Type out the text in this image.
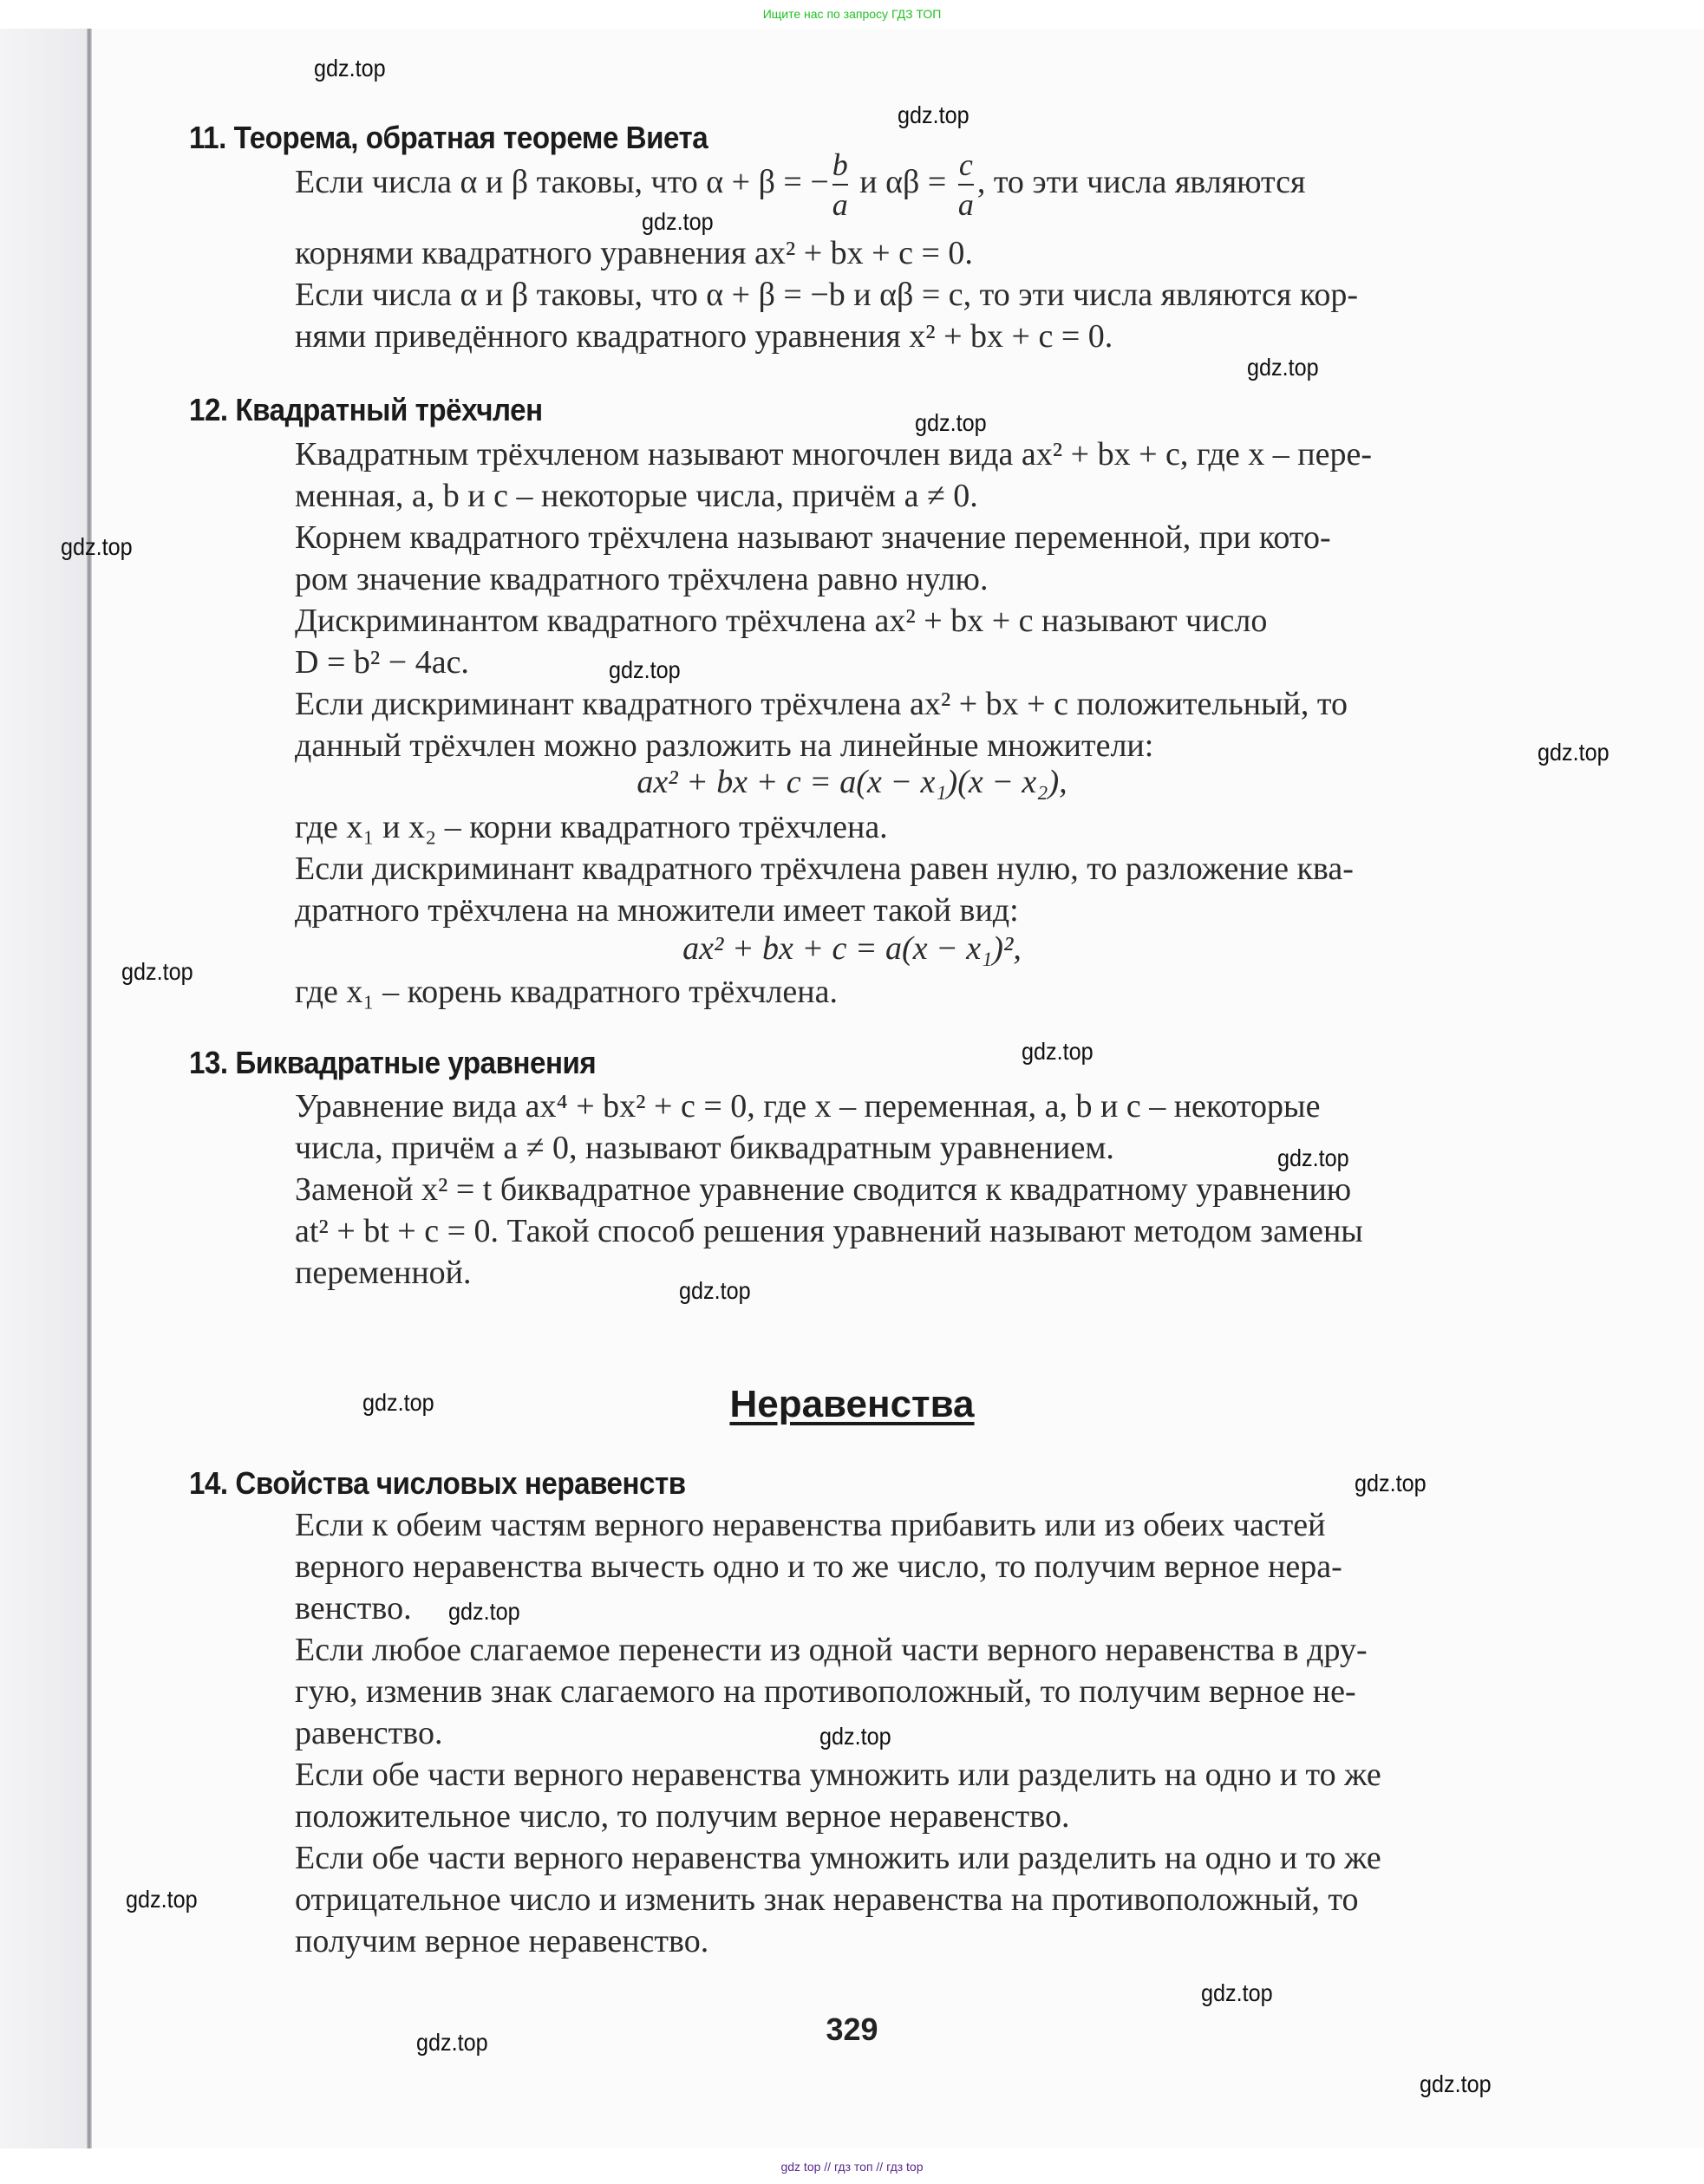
Ищите нас по запросу ГДЗ ТОП
11. Теорема, обратная теореме Виета
Если числа α и β таковы, что α + β = − $\frac{b}{a}$ и $\alpha\beta = \frac{c}{a}$ , то эти числа являются
корнями квадратного уравнения ax² + bx + c = 0.
Если числа α и β таковы, что α + β = −b и αβ = c, то эти числа являются кор-
нями приведённого квадратного уравнения x² + bx + c = 0.
12. Квадратный трёхчлен
Квадратным трёхчленом называют многочлен вида ax² + bx + c, где x – пере-
менная, a, b и c – некоторые числа, причём a ≠ 0.
Корнем квадратного трёхчлена называют значение переменной, при кото-
ром значение квадратного трёхчлена равно нулю.
Дискриминантом квадратного трёхчлена ax² + bx + c называют число
D = b² − 4ac.
Если дискриминант квадратного трёхчлена ax² + bx + c положительный, то
данный трёхчлен можно разложить на линейные множители:
ax² + bx + c = a(x − x₁)(x − x₂),
где x₁ и x₂ – корни квадратного трёхчлена.
Если дискриминант квадратного трёхчлена равен нулю, то разложение ква-
дратного трёхчлена на множители имеет такой вид:
ax² + bx + c = a(x − x₁)²,
где x₁ – корень квадратного трёхчлена.
13. Биквадратные уравнения
Уравнение вида ax⁴ + bx² + c = 0, где x – переменная, a, b и c – некоторые
числа, причём a ≠ 0, называют биквадратным уравнением.
Заменой x² = t биквадратное уравнение сводится к квадратному уравнению
at² + bt + c = 0. Такой способ решения уравнений называют методом замены
переменной.
Неравенства
14. Свойства числовых неравенств
Если к обеим частям верного неравенства прибавить или из обеих частей
верного неравенства вычесть одно и то же число, то получим верное нера-
венство.
Если любое слагаемое перенести из одной части верного неравенства в дру-
гую, изменив знак слагаемого на противоположный, то получим верное не-
равенство.
Если обе части верного неравенства умножить или разделить на одно и то же
положительное число, то получим верное неравенство.
Если обе части верного неравенства умножить или разделить на одно и то же
отрицательное число и изменить знак неравенства на противоположный, то
получим верное неравенство.
329
gdz.top
gdz.top
gdz.top
gdz.top
gdz.top
gdz.top
gdz.top
gdz.top
gdz.top
gdz.top
gdz.top
gdz.top
gdz.top
gdz.top
gdz.top
gdz.top
gdz.top
gdz.top
gdz.top
gdz.top
gdz top // гдз топ // гдз top
